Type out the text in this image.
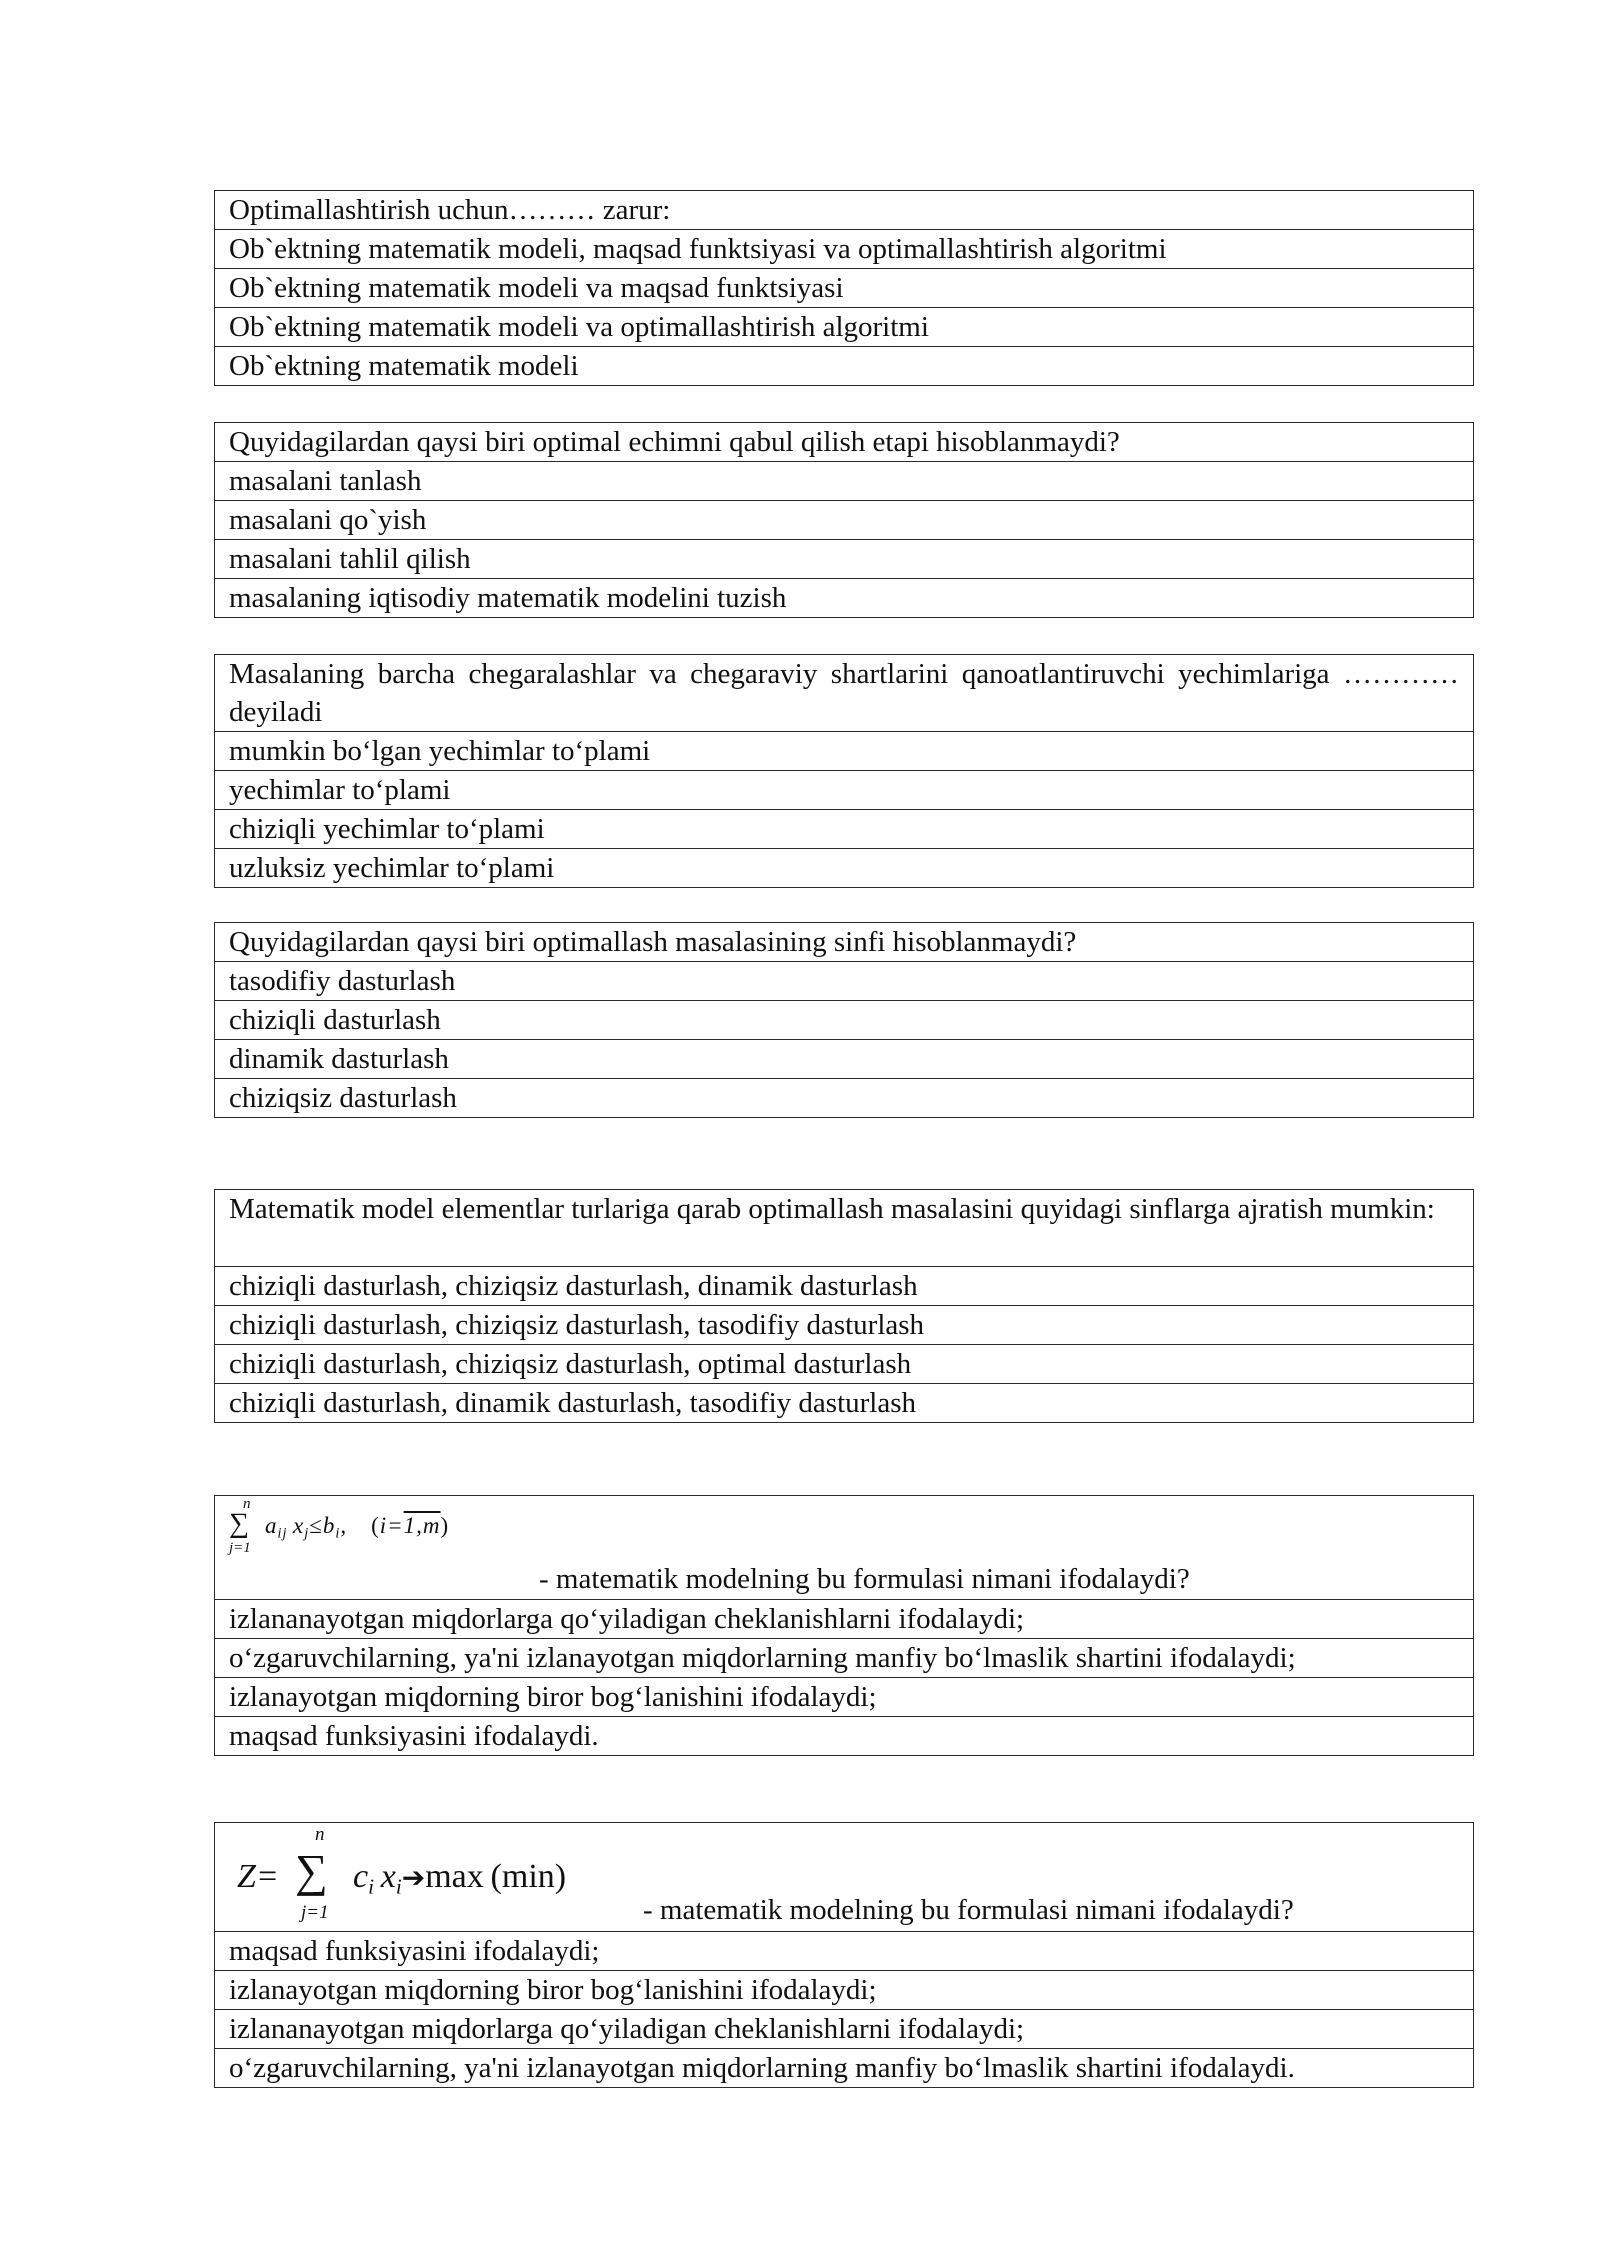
Optimallashtirish uchun……… zarur:
Ob`ektning matematik modeli, maqsad funktsiyasi va optimallashtirish algoritmi
Ob`ektning matematik modeli va maqsad funktsiyasi
Ob`ektning matematik modeli va optimallashtirish algoritmi
Ob`ektning matematik modeli
Quyidagilardan qaysi biri optimal echimni qabul qilish etapi hisoblanmaydi?
masalani tanlash
masalani qo`yish
masalani tahlil qilish
masalaning iqtisodiy matematik modelini tuzish
Masalaning barcha chegaralashlar va chegaraviy shartlarini qanoatlantiruvchi yechimlariga …………deyiladi
mumkin bo‘lgan yechimlar to‘plami
yechimlar to‘plami
chiziqli yechimlar to‘plami
uzluksiz yechimlar to‘plami
Quyidagilardan qaysi biri optimallash masalasining sinfi hisoblanmaydi?
tasodifiy dasturlash
chiziqli dasturlash
dinamik dasturlash
chiziqsiz dasturlash
Matematik model elementlar turlariga qarab optimallash masalasini quyidagi sinflarga ajratish mumkin:
chiziqli dasturlash, chiziqsiz dasturlash, dinamik dasturlash
chiziqli dasturlash, chiziqsiz dasturlash, tasodifiy dasturlash
chiziqli dasturlash, chiziqsiz dasturlash, optimal dasturlash
chiziqli dasturlash, dinamik dasturlash, tasodifiy dasturlash
n
∑
j=1
$a_{ij}$  $x_j\le b_i$,  (i=1,m)
- matematik modelning bu formulasi nimani ifodalaydi?

izlananayotgan miqdorlarga qo‘yiladigan cheklanishlarni ifodalaydi;
o‘zgaruvchilarning, ya'ni izlanayotgan miqdorlarning manfiy bo‘lmaslik shartini ifodalaydi;
izlanayotgan miqdorning biror bog‘lanishini ifodalaydi;
maqsad funksiyasini ifodalaydi.
Z=
n
∑
j=1
$c_i$  $x_i➔\max$  (min)
- matematik modelning bu formulasi nimani ifodalaydi?

maqsad funksiyasini ifodalaydi;
izlanayotgan miqdorning biror bog‘lanishini ifodalaydi;
izlananayotgan miqdorlarga qo‘yiladigan cheklanishlarni ifodalaydi;
o‘zgaruvchilarning, ya'ni izlanayotgan miqdorlarning manfiy bo‘lmaslik shartini ifodalaydi.
